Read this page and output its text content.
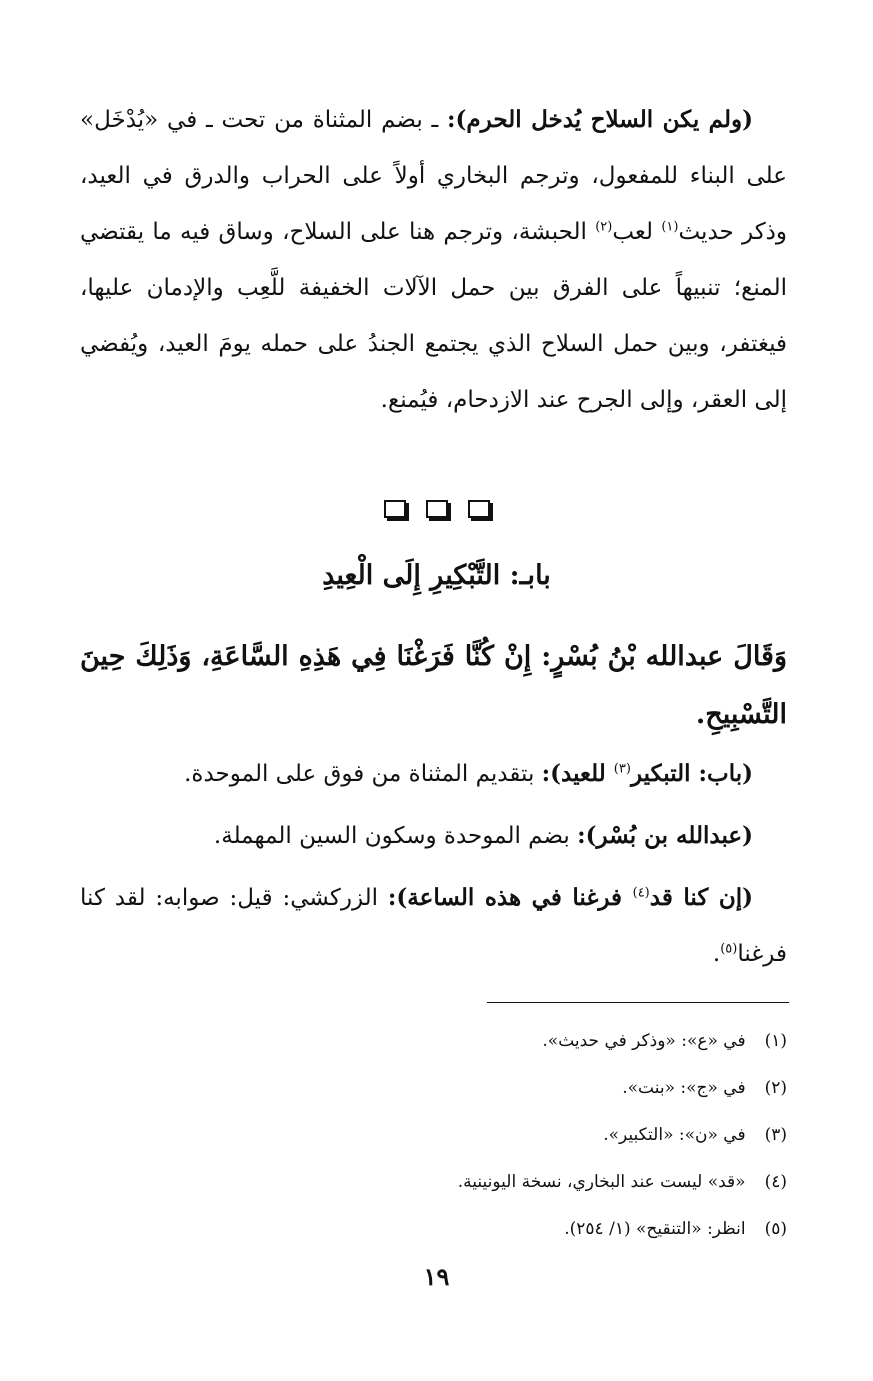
(ولم يكن السلاح يُدخل الحرم): ـ بضم المثناة من تحت ـ في «يُدْخَل» على البناء للمفعول، وترجم البخاري أولاً على الحراب والدرق في العيد، وذكر حديث$^{(١)}$ لعب$^{(٢)}$ الحبشة، وترجم هنا على السلاح، وساق فيه ما يقتضي المنع؛ تنبيهاً على الفرق بين حمل الآلات الخفيفة للَّعِب والإدمان عليها، فيغتفر، وبين حمل السلاح الذي يجتمع الجندُ على حمله يومَ العيد، ويُفضي إلى العقر، وإلى الجرح عند الازدحام، فيُمنع.
بابـ: التَّبْكِيرِ إِلَى الْعِيدِ
وَقَالَ عبدالله بْنُ بُسْرٍ: إِنْ كُنَّا فَرَغْنَا فِي هَذِهِ السَّاعَةِ، وَذَلِكَ حِينَ التَّسْبِيحِ.
(باب: التبكير$^{(٣)}$ للعيد): بتقديم المثناة من فوق على الموحدة.
(عبدالله بن بُسْر): بضم الموحدة وسكون السين المهملة.
(إن كنا قد$^{(٤)}$ فرغنا في هذه الساعة): الزركشي: قيل: صوابه: لقد كنا فرغنا$^{(٥)}$.
(١) في «ع»: «وذكر في حديث».
(٢) في «ج»: «بنت».
(٣) في «ن»: «التكبير».
(٤) «قد» ليست عند البخاري، نسخة اليونينية.
(٥) انظر: «التنقيح» (١/ ٢٥٤).
١٩
